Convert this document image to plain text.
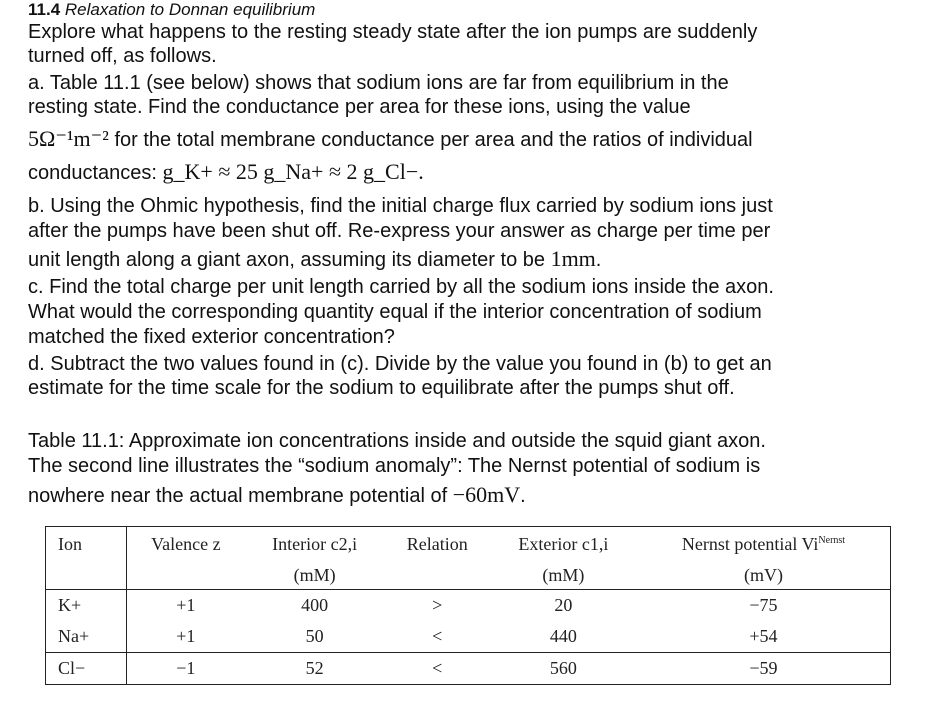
11.4 Relaxation to Donnan equilibrium
Explore what happens to the resting steady state after the ion pumps are suddenly
turned off, as follows.
a. Table 11.1 (see below) shows that sodium ions are far from equilibrium in the
resting state. Find the conductance per area for these ions, using the value
5Ω⁻¹m⁻² for the total membrane conductance per area and the ratios of individual
conductances: g_K+ ≈ 25 g_Na+ ≈ 2 g_Cl−.
b. Using the Ohmic hypothesis, find the initial charge flux carried by sodium ions just
after the pumps have been shut off. Re-express your answer as charge per time per
unit length along a giant axon, assuming its diameter to be 1mm.
c. Find the total charge per unit length carried by all the sodium ions inside the axon.
What would the corresponding quantity equal if the interior concentration of sodium
matched the fixed exterior concentration?
d. Subtract the two values found in (c). Divide by the value you found in (b) to get an
estimate for the time scale for the sodium to equilibrate after the pumps shut off.
Table 11.1: Approximate ion concentrations inside and outside the squid giant axon.
The second line illustrates the “sodium anomaly”: The Nernst potential of sodium is
nowhere near the actual membrane potential of −60mV.
Ion	Valence z	Interior c2,i	Relation	Exterior c1,i	Nernst potential $Vi^{Nernst}$
		(mM)		(mM)	(mV)
K+	+1	400	>	20	−75
Na+	+1	50	<	440	+54
Cl−	−1	52	<	560	−59
